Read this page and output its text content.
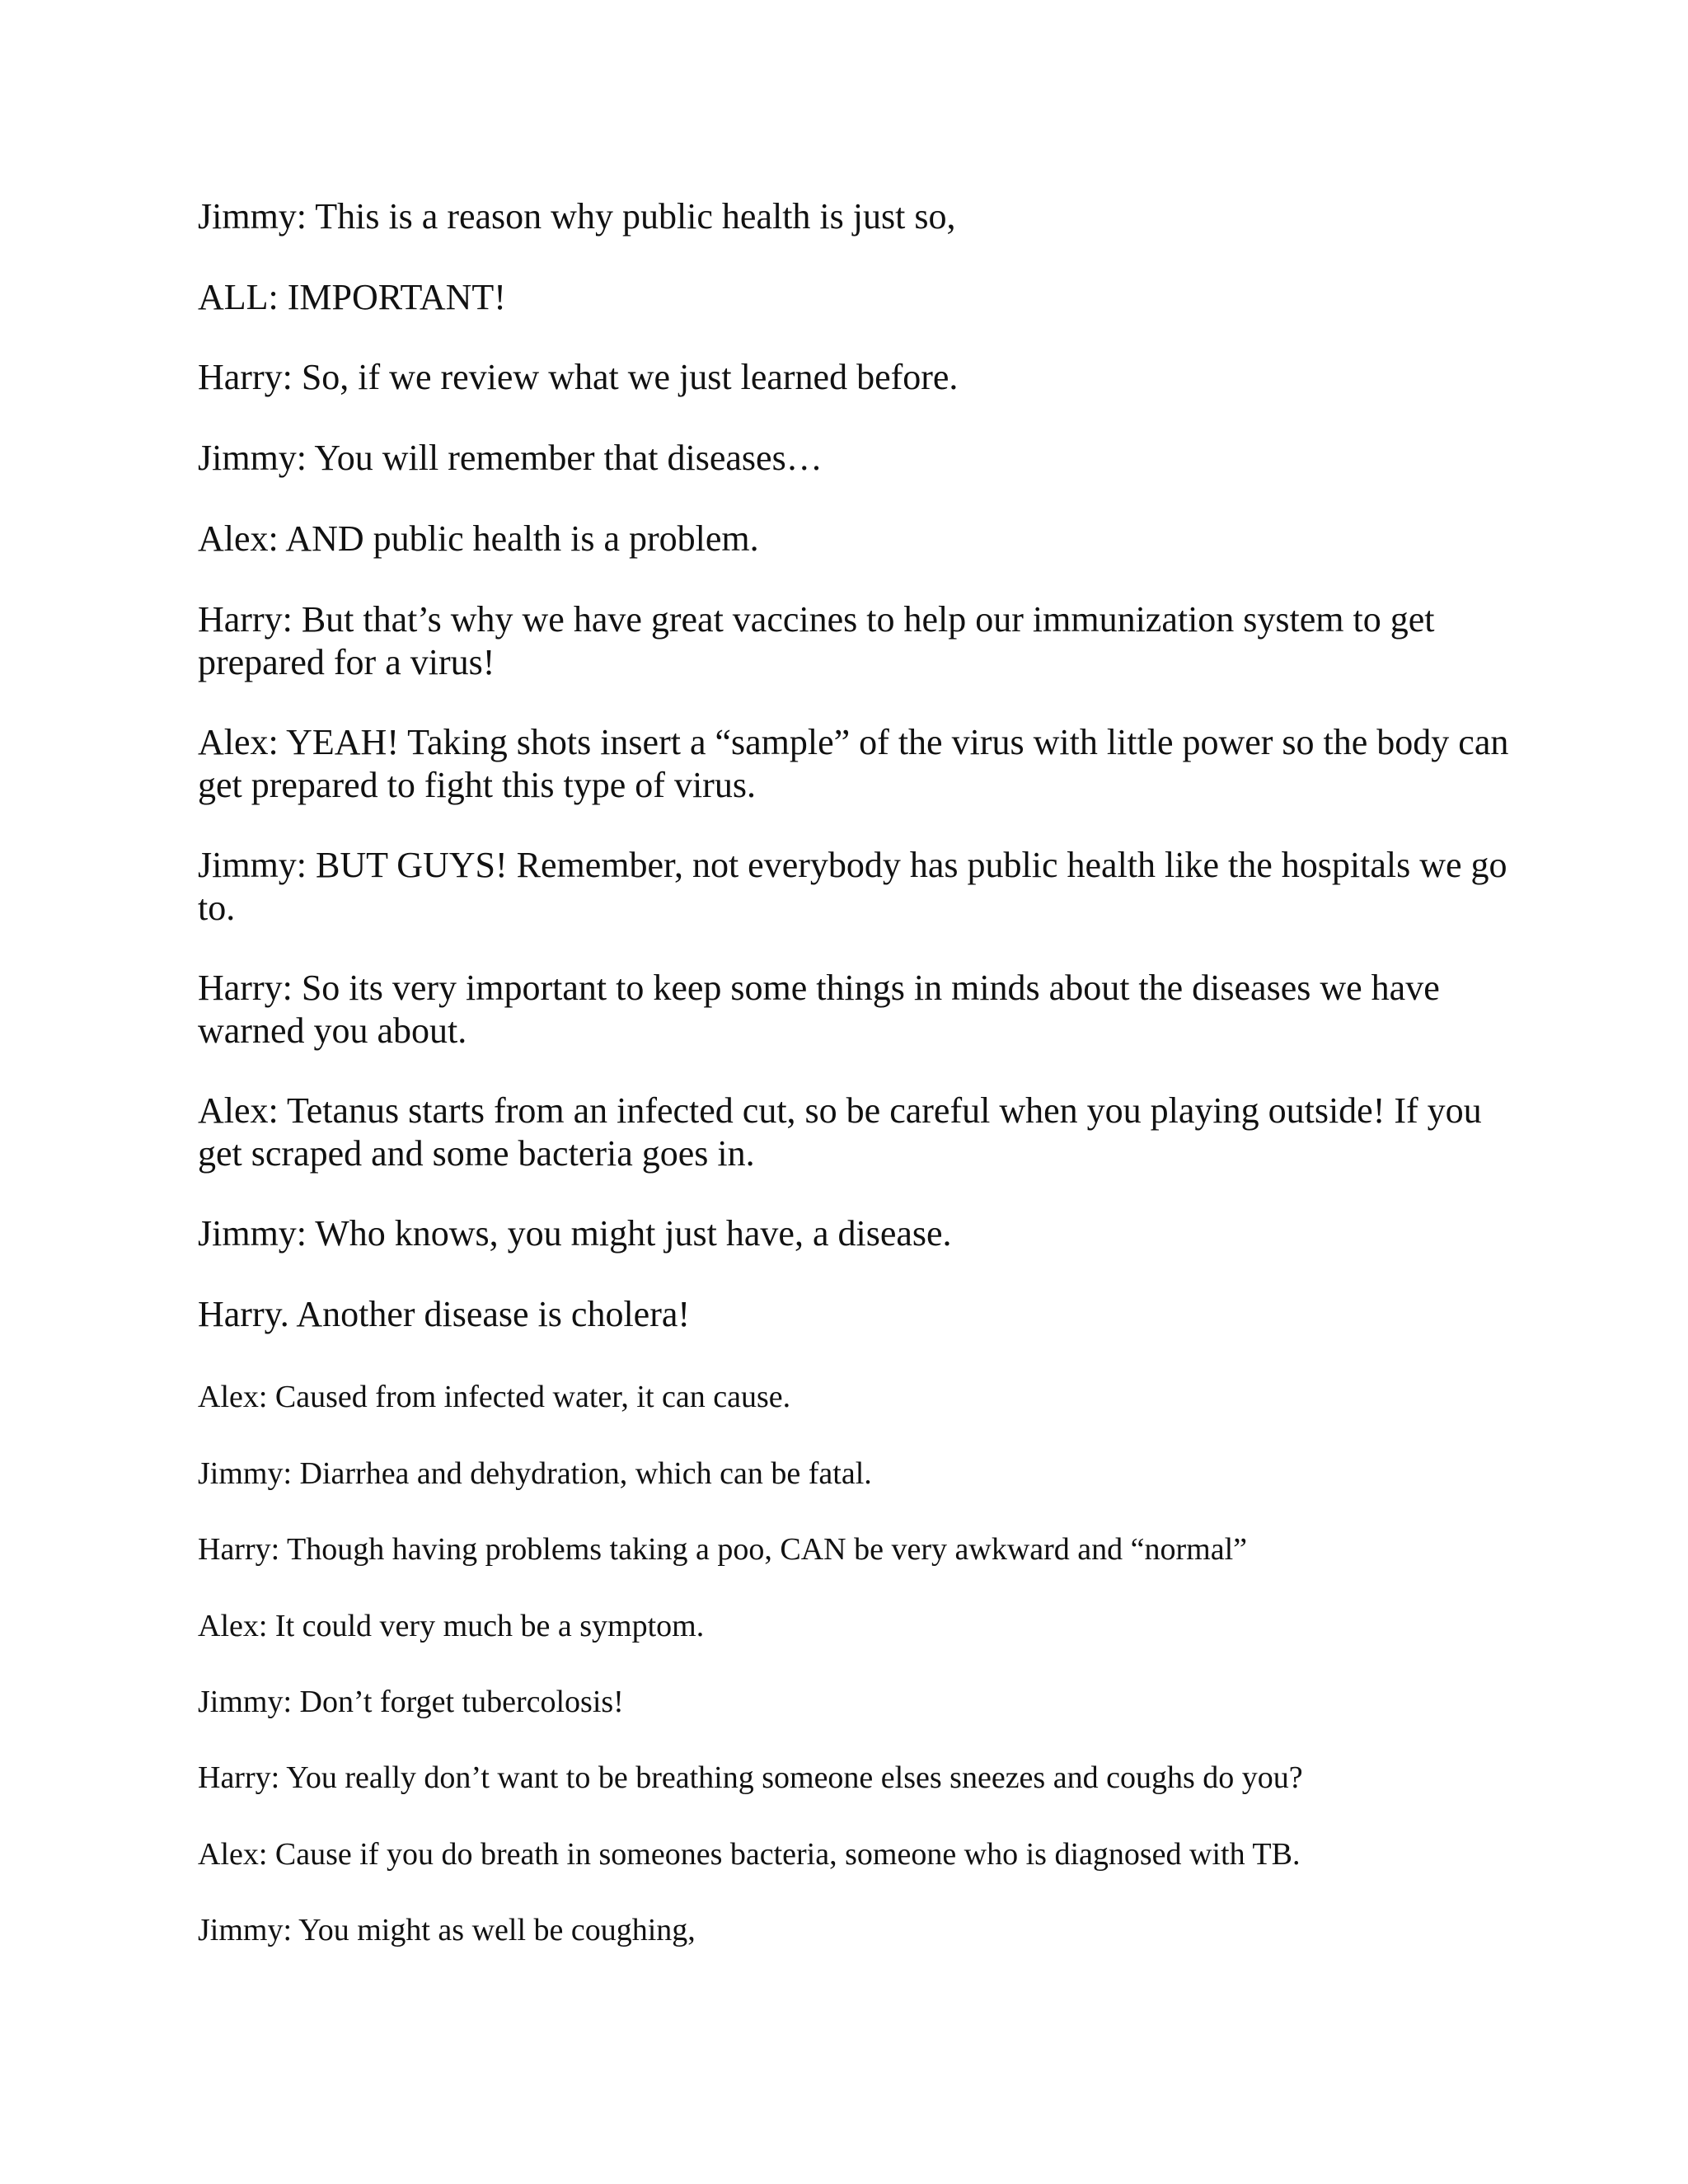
Jimmy: This is a reason why public health is just so,

ALL: IMPORTANT!

Harry: So, if we review what we just learned before.

Jimmy: You will remember that diseases…

Alex: AND public health is a problem.

Harry: But that’s why we have great vaccines to help our immunization system to get prepared for a virus!

Alex: YEAH! Taking shots insert a “sample” of the virus with little power so the body can get prepared to fight this type of virus.

Jimmy: BUT GUYS! Remember, not everybody has public health like the hospitals we go to.

Harry: So its very important to keep some things in minds about the diseases we have warned you about.

Alex: Tetanus starts from an infected cut, so be careful when you playing outside! If you get scraped and some bacteria goes in.

Jimmy: Who knows, you might just have, a disease.

Harry. Another disease is cholera!

Alex: Caused from infected water, it can cause.

Jimmy: Diarrhea and dehydration, which can be fatal.

Harry: Though having problems taking a poo, CAN be very awkward and “normal”

Alex: It could very much be a symptom.

Jimmy: Don’t forget tubercolosis!

Harry: You really don’t want to be breathing someone elses sneezes and coughs do you?

Alex: Cause if you do breath in someones bacteria, someone who is diagnosed with TB.

Jimmy: You might as well be coughing,
